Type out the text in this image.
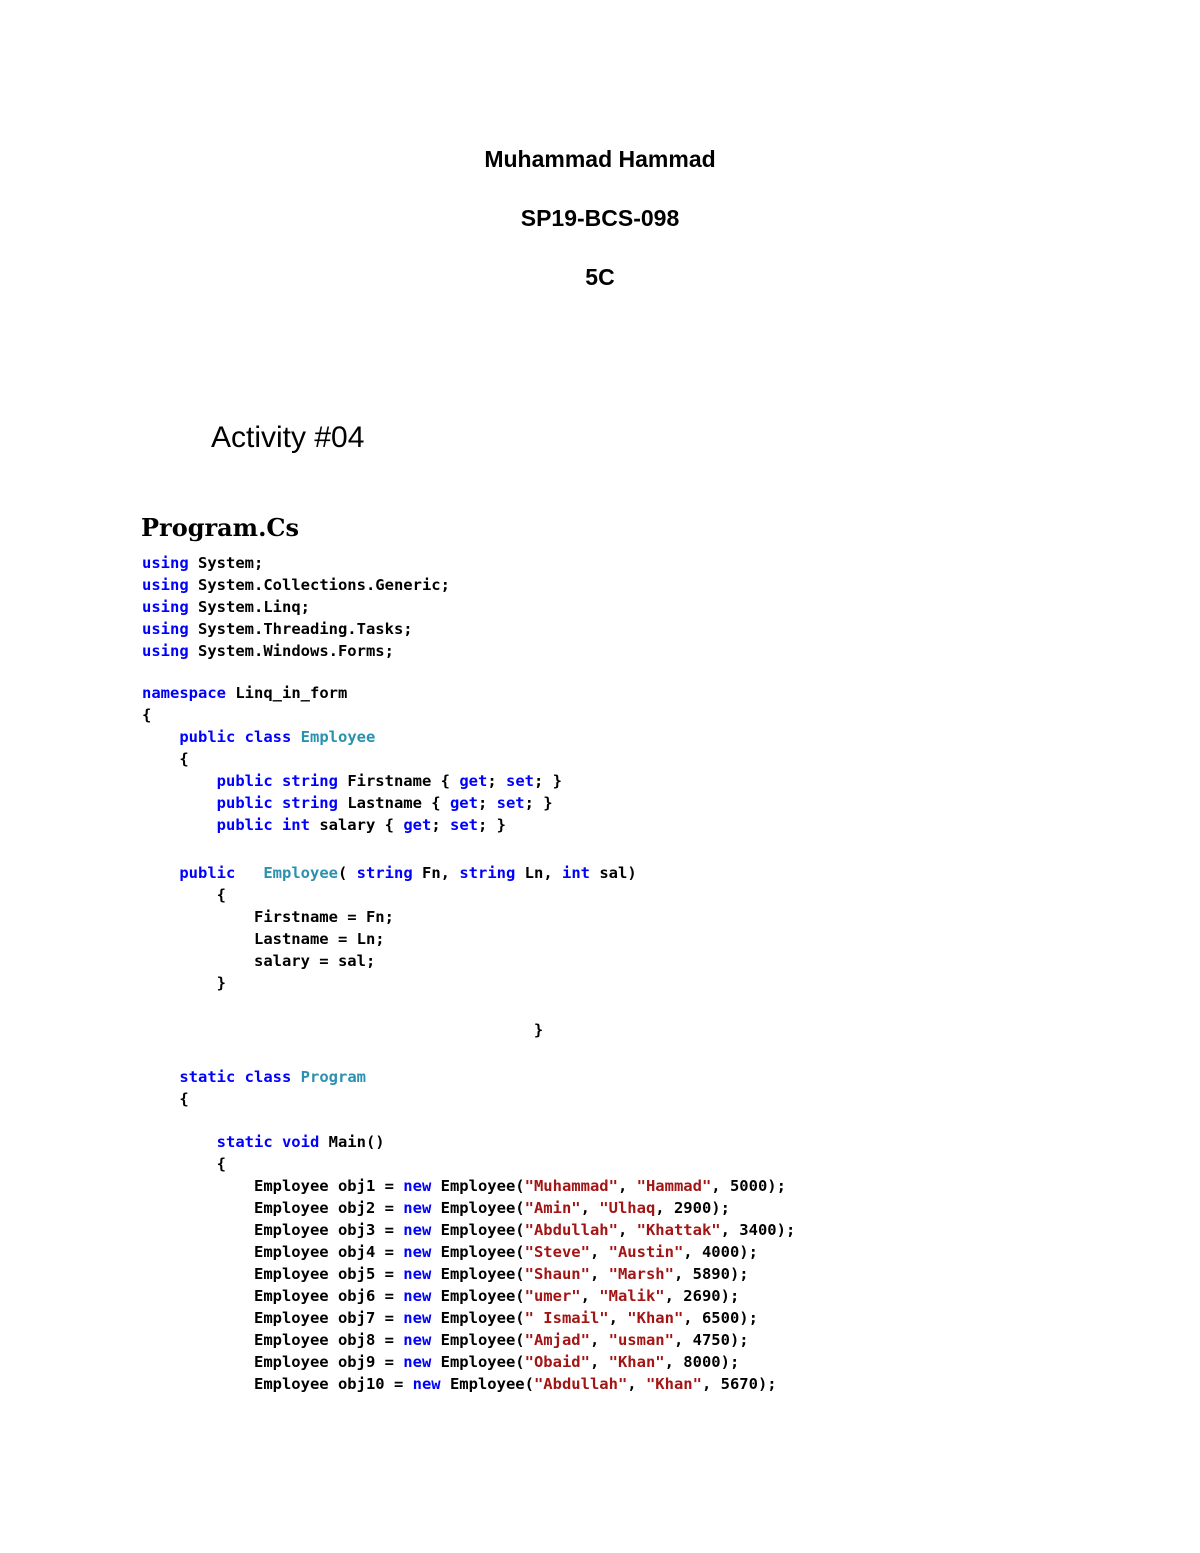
Muhammad Hammad

SP19-BCS-098

5C

Activity #04
Program.Cs
using System;
using System.Collections.Generic;
using System.Linq;
using System.Threading.Tasks;
using System.Windows.Forms;
namespace Linq_in_form
{
public class Employee
{
public string Firstname { get; set; }
public string Lastname { get; set; }
public int salary { get; set; }
public Employee( string Fn, string Ln, int sal)
{
Firstname = Fn;
Lastname = Ln;
salary = sal;
}
}
static class Program
{
static void Main()
{
Employee obj1 = new Employee("Muhammad", "Hammad", 5000);
Employee obj2 = new Employee("Amin", "Ulhaq, 2900);
Employee obj3 = new Employee("Abdullah", "Khattak", 3400);
Employee obj4 = new Employee("Steve", "Austin", 4000);
Employee obj5 = new Employee("Shaun", "Marsh", 5890);
Employee obj6 = new Employee("umer", "Malik", 2690);
Employee obj7 = new Employee(" Ismail", "Khan", 6500);
Employee obj8 = new Employee("Amjad", "usman", 4750);
Employee obj9 = new Employee("Obaid", "Khan", 8000);
Employee obj10 = new Employee("Abdullah", "Khan", 5670);
